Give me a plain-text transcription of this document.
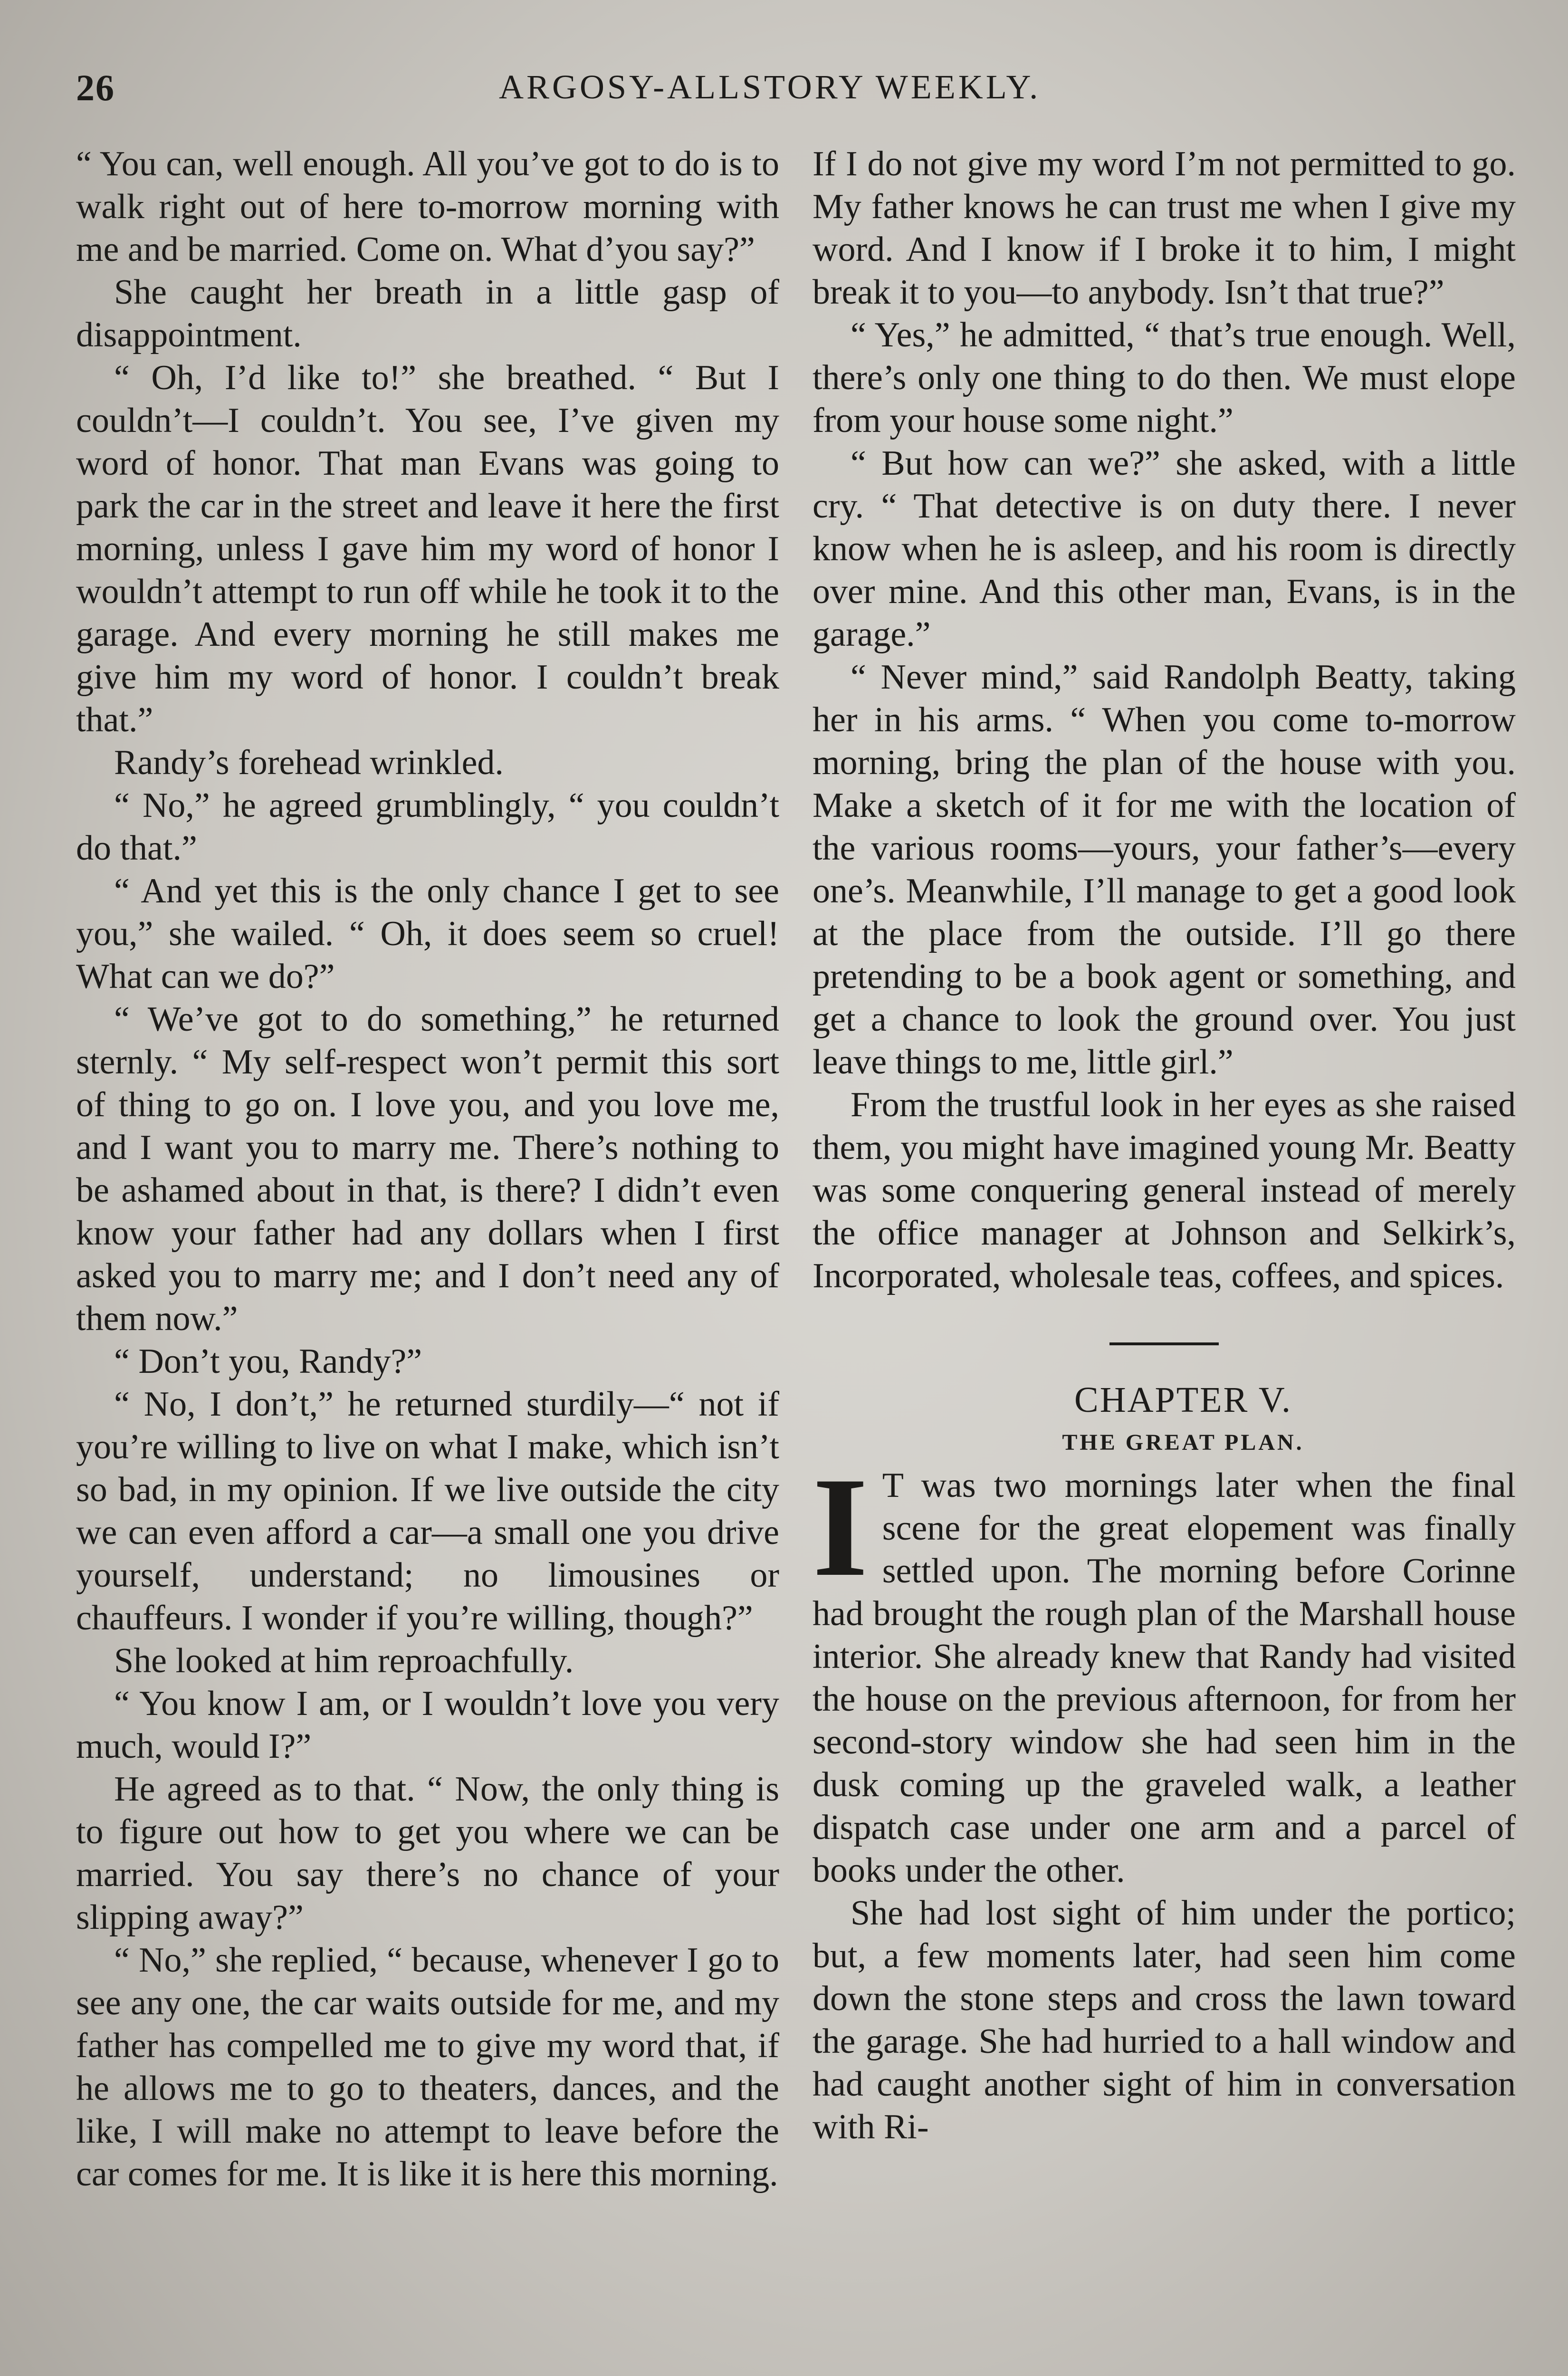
26	ARGOSY-ALLSTORY WEEKLY.

“ You can, well enough. All you’ve got to do is to walk right out of here to-morrow morning with me and be married. Come on. What d’you say?”

She caught her breath in a little gasp of disappointment.

“ Oh, I’d like to!” she breathed. “ But I couldn’t—I couldn’t. You see, I’ve given my word of honor. That man Evans was going to park the car in the street and leave it here the first morning, unless I gave him my word of honor I wouldn’t attempt to run off while he took it to the garage. And every morning he still makes me give him my word of honor. I couldn’t break that.”

Randy’s forehead wrinkled.

“ No,” he agreed grumblingly, “ you couldn’t do that.”

“ And yet this is the only chance I get to see you,” she wailed. “ Oh, it does seem so cruel! What can we do?”

“ We’ve got to do something,” he returned sternly. “ My self-respect won’t permit this sort of thing to go on. I love you, and you love me, and I want you to marry me. There’s nothing to be ashamed about in that, is there? I didn’t even know your father had any dollars when I first asked you to marry me; and I don’t need any of them now.”

“ Don’t you, Randy?”

“ No, I don’t,” he returned sturdily—“ not if you’re willing to live on what I make, which isn’t so bad, in my opinion. If we live outside the city we can even afford a car—a small one you drive yourself, understand; no limousines or chauffeurs. I wonder if you’re willing, though?”

She looked at him reproachfully.

“ You know I am, or I wouldn’t love you very much, would I?”

He agreed as to that. “ Now, the only thing is to figure out how to get you where we can be married. You say there’s no chance of your slipping away?”

“ No,” she replied, “ because, whenever I go to see any one, the car waits outside for me, and my father has compelled me to give my word that, if he allows me to go to theaters, dances, and the like, I will make no attempt to leave before the car comes for me. It is like it is here this morning.

If I do not give my word I’m not permitted to go. My father knows he can trust me when I give my word. And I know if I broke it to him, I might break it to you—to anybody. Isn’t that true?”

“ Yes,” he admitted, “ that’s true enough. Well, there’s only one thing to do then. We must elope from your house some night.”

“ But how can we?” she asked, with a little cry. “ That detective is on duty there. I never know when he is asleep, and his room is directly over mine. And this other man, Evans, is in the garage.”

“ Never mind,” said Randolph Beatty, taking her in his arms. “ When you come to-morrow morning, bring the plan of the house with you. Make a sketch of it for me with the location of the various rooms—yours, your father’s—every one’s. Meanwhile, I’ll manage to get a good look at the place from the outside. I’ll go there pretending to be a book agent or something, and get a chance to look the ground over. You just leave things to me, little girl.”

From the trustful look in her eyes as she raised them, you might have imagined young Mr. Beatty was some conquering general instead of merely the office manager at Johnson and Selkirk’s, Incorporated, wholesale teas, coffees, and spices.

CHAPTER V.

THE GREAT PLAN.

I T was two mornings later when the final scene for the great elopement was finally settled upon. The morning before Corinne had brought the rough plan of the Marshall house interior. She already knew that Randy had visited the house on the previous afternoon, for from her second-story window she had seen him in the dusk coming up the graveled walk, a leather dispatch case under one arm and a parcel of books under the other.

She had lost sight of him under the portico; but, a few moments later, had seen him come down the stone steps and cross the lawn toward the garage. She had hurried to a hall window and had caught another sight of him in conversation with Ri-
